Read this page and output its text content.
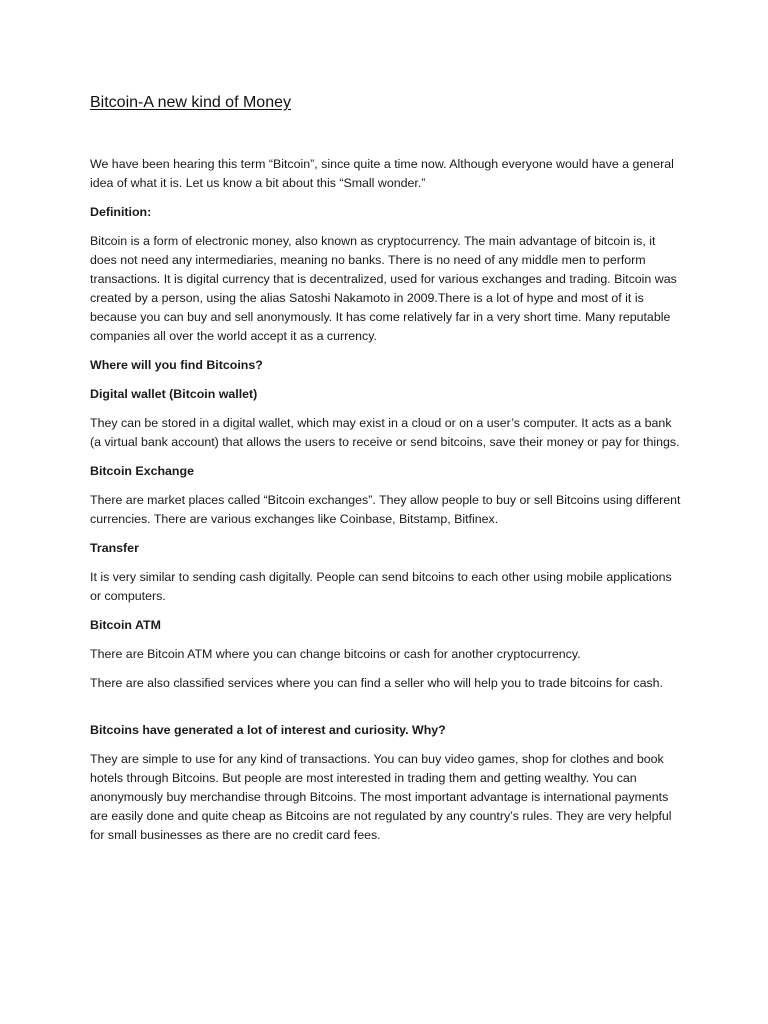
Bitcoin-A new kind of Money

We have been hearing this term “Bitcoin”, since quite a time now. Although everyone would have a general idea of what it is. Let us know a bit about this “Small wonder.”

Definition:

Bitcoin is a form of electronic money, also known as cryptocurrency. The main advantage of bitcoin is, it does not need any intermediaries, meaning no banks. There is no need of any middle men to perform transactions. It is digital currency that is decentralized, used for various exchanges and trading. Bitcoin was created by a person, using the alias Satoshi Nakamoto in 2009.There is a lot of hype and most of it is because you can buy and sell anonymously. It has come relatively far in a very short time. Many reputable companies all over the world accept it as a currency.

Where will you find Bitcoins?

Digital wallet (Bitcoin wallet)

They can be stored in a digital wallet, which may exist in a cloud or on a user’s computer. It acts as a bank (a virtual bank account) that allows the users to receive or send bitcoins, save their money or pay for things.

Bitcoin Exchange

There are market places called “Bitcoin exchanges”. They allow people to buy or sell Bitcoins using different currencies. There are various exchanges like Coinbase, Bitstamp, Bitfinex.

Transfer

It is very similar to sending cash digitally. People can send bitcoins to each other using mobile applications or computers.

Bitcoin ATM

There are Bitcoin ATM where you can change bitcoins or cash for another cryptocurrency.

There are also classified services where you can find a seller who will help you to trade bitcoins for cash.

Bitcoins have generated a lot of interest and curiosity. Why?

They are simple to use for any kind of transactions. You can buy video games, shop for clothes and book hotels through Bitcoins. But people are most interested in trading them and getting wealthy. You can anonymously buy merchandise through Bitcoins. The most important advantage is international payments are easily done and quite cheap as Bitcoins are not regulated by any country’s rules. They are very helpful for small businesses as there are no credit card fees.
